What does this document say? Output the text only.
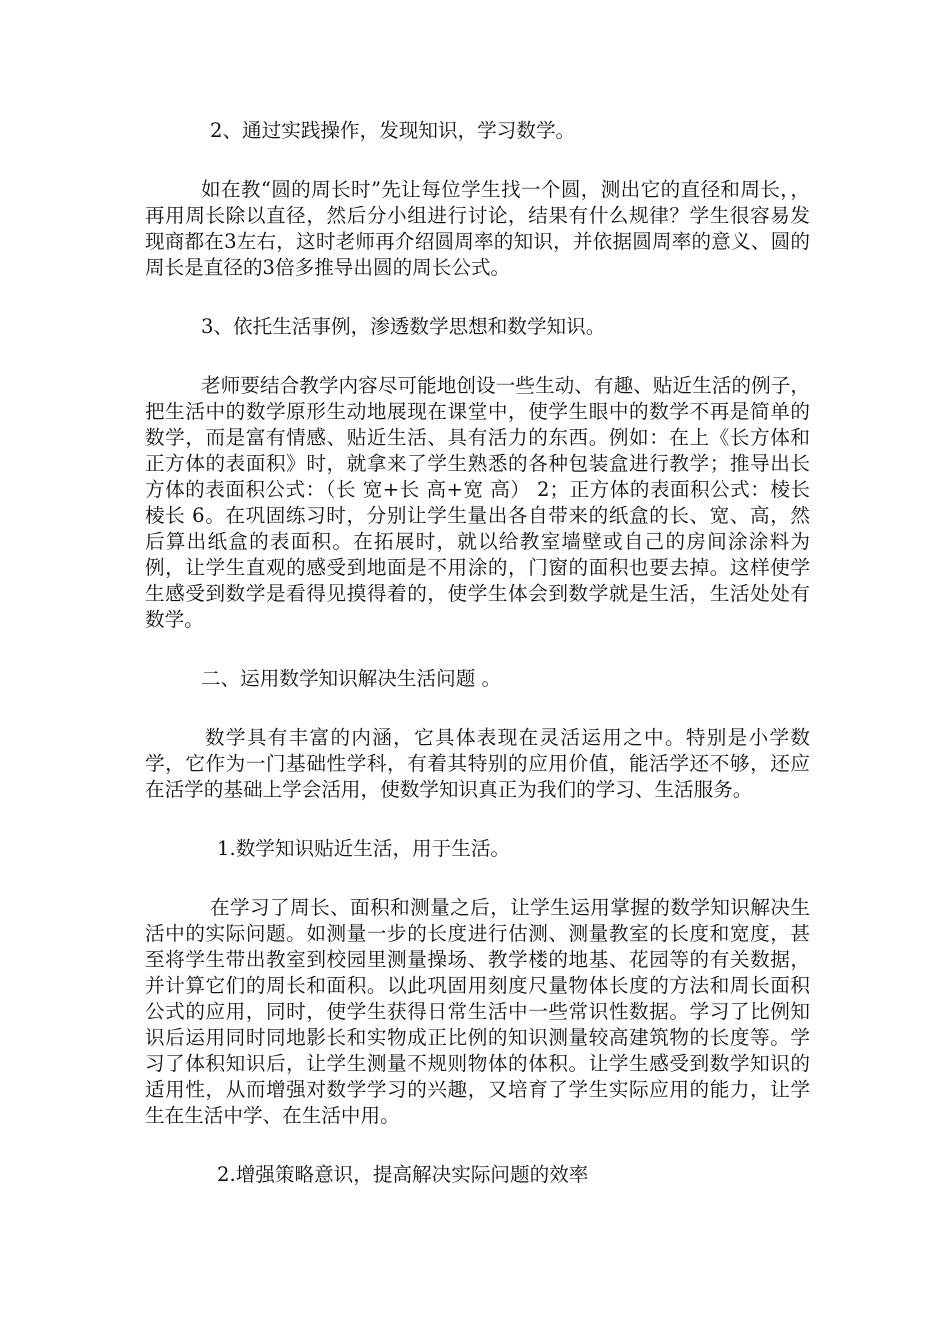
2、通过实践操作，发现知识，学习数学。
如在教“圆的周长时”先让每位学生找一个圆，测出它的直径和周长，，再用周长除以直径，然后分小组进行讨论，结果有什么规律？学生很容易发现商都在3左右，这时老师再介绍圆周率的知识，并依据圆周率的意义、圆的周长是直径的3倍多推导出圆的周长公式。
3、依托生活事例，渗透数学思想和数学知识。
老师要结合教学内容尽可能地创设一些生动、有趣、贴近生活的例子，把生活中的数学原形生动地展现在课堂中，使学生眼中的数学不再是简单的数学，而是富有情感、贴近生活、具有活力的东西。例如：在上《长方体和正方体的表面积》时，就拿来了学生熟悉的各种包装盒进行教学；推导出长方体的表面积公式：（长 宽+长 高+宽 高） 2；正方体的表面积公式：棱长 棱长 6。在巩固练习时，分别让学生量出各自带来的纸盒的长、宽、高，然后算出纸盒的表面积。在拓展时，就以给教室墙壁或自己的房间涂涂料为例，让学生直观的感受到地面是不用涂的，门窗的面积也要去掉。这样使学生感受到数学是看得见摸得着的，使学生体会到数学就是生活，生活处处有数学。
二、运用数学知识解决生活问题 。
数学具有丰富的内涵，它具体表现在灵活运用之中。特别是小学数学，它作为一门基础性学科，有着其特别的应用价值，能活学还不够，还应在活学的基础上学会活用，使数学知识真正为我们的学习、生活服务。
1.数学知识贴近生活，用于生活。
在学习了周长、面积和测量之后，让学生运用掌握的数学知识解决生活中的实际问题。如测量一步的长度进行估测、测量教室的长度和宽度，甚至将学生带出教室到校园里测量操场、教学楼的地基、花园等的有关数据，并计算它们的周长和面积。以此巩固用刻度尺量物体长度的方法和周长面积公式的应用，同时，使学生获得日常生活中一些常识性数据。学习了比例知识后运用同时同地影长和实物成正比例的知识测量较高建筑物的长度等。学习了体积知识后，让学生测量不规则物体的体积。让学生感受到数学知识的适用性，从而增强对数学学习的兴趣，又培育了学生实际应用的能力，让学生在生活中学、在生活中用。
2.增强策略意识，提高解决实际问题的效率
